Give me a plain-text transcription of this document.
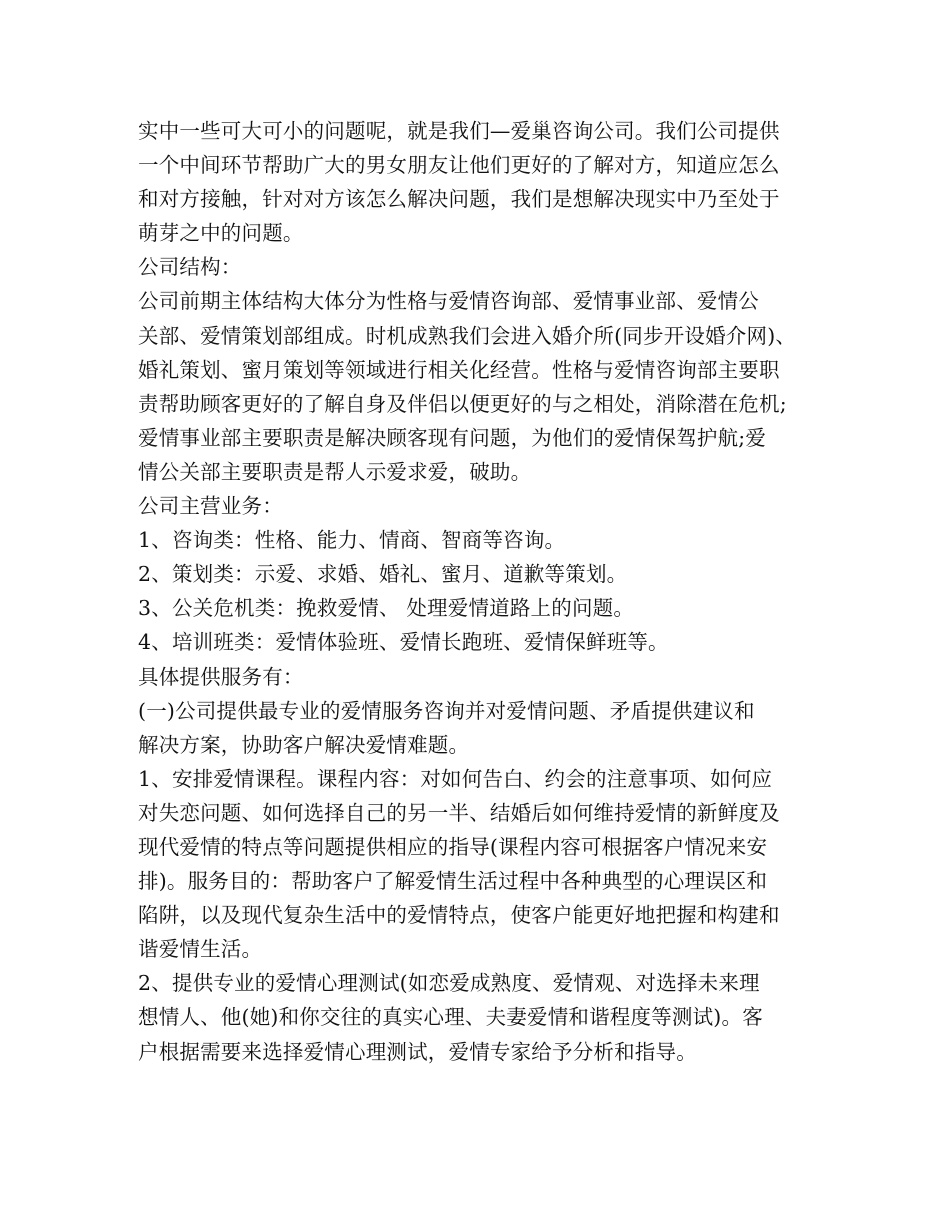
实中一些可大可小的问题呢，就是我们—爱巢咨询公司。我们公司提供
一个中间环节帮助广大的男女朋友让他们更好的了解对方，知道应怎么
和对方接触，针对对方该怎么解决问题，我们是想解决现实中乃至处于
萌芽之中的问题。
公司结构：
公司前期主体结构大体分为性格与爱情咨询部、爱情事业部、爱情公
关部、爱情策划部组成。时机成熟我们会进入婚介所(同步开设婚介网)、
婚礼策划、蜜月策划等领域进行相关化经营。性格与爱情咨询部主要职
责帮助顾客更好的了解自身及伴侣以便更好的与之相处，消除潜在危机;
爱情事业部主要职责是解决顾客现有问题，为他们的爱情保驾护航;爱
情公关部主要职责是帮人示爱求爱，破助。
公司主营业务：
1、咨询类：性格、能力、情商、智商等咨询。
2、策划类：示爱、求婚、婚礼、蜜月、道歉等策划。
3、公关危机类：挽救爱情、 处理爱情道路上的问题。
4、培训班类：爱情体验班、爱情长跑班、爱情保鲜班等。
具体提供服务有：
(一)公司提供最专业的爱情服务咨询并对爱情问题、矛盾提供建议和
解决方案，协助客户解决爱情难题。
1、安排爱情课程。课程内容：对如何告白、约会的注意事项、如何应
对失恋问题、如何选择自己的另一半、结婚后如何维持爱情的新鲜度及
现代爱情的特点等问题提供相应的指导(课程内容可根据客户情况来安
排)。服务目的：帮助客户了解爱情生活过程中各种典型的心理误区和
陷阱，以及现代复杂生活中的爱情特点，使客户能更好地把握和构建和
谐爱情生活。
2、提供专业的爱情心理测试(如恋爱成熟度、爱情观、对选择未来理
想情人、他(她)和你交往的真实心理、夫妻爱情和谐程度等测试)。客
户根据需要来选择爱情心理测试，爱情专家给予分析和指导。
